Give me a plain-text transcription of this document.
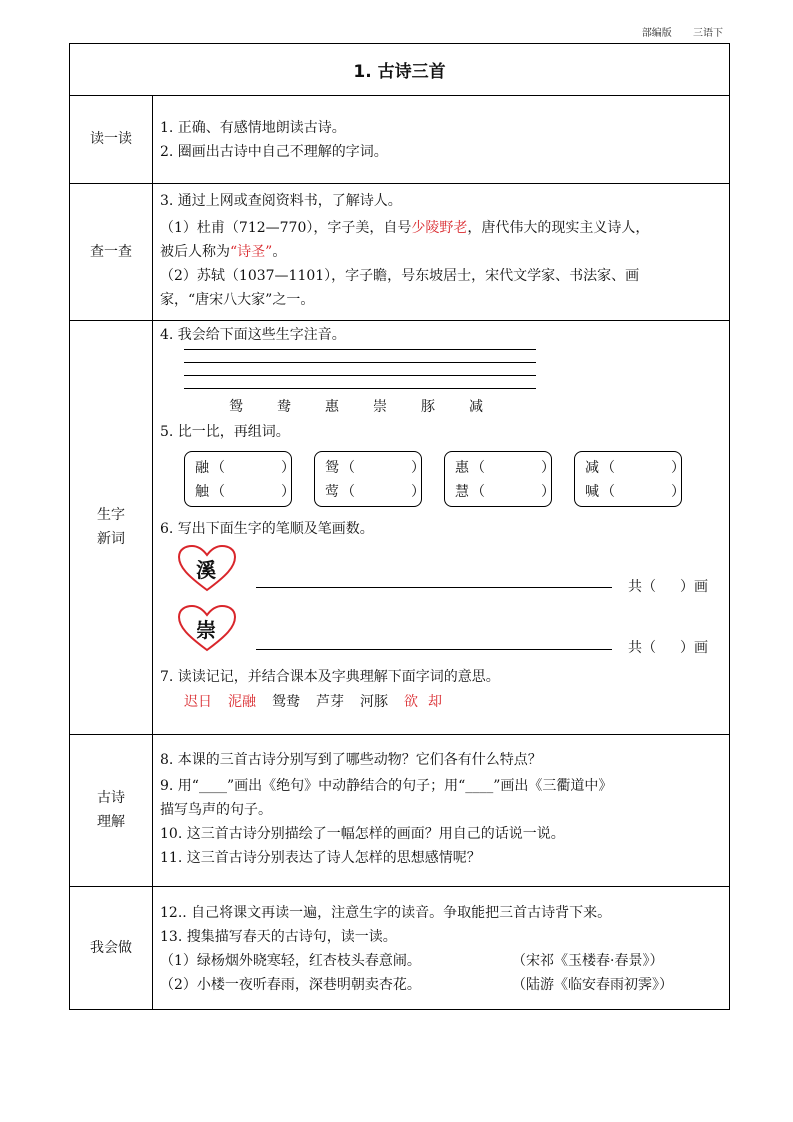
部编版 三语下
1. 古诗三首
读一读
1. 正确、有感情地朗读古诗。
2. 圈画出古诗中自己不理解的字词。
查一查
3. 通过上网或查阅资料书，了解诗人。
（1）杜甫（712—770），字子美，自号少陵野老，唐代伟大的现实主义诗人，
被后人称为“诗圣”。
（2）苏轼（1037—1101），字子瞻，号东坡居士，宋代文学家、书法家、画
家，“唐宋八大家”之一。
生字
新词
4. 我会给下面这些生字注音。
鸳 鸯 惠 崇 豚 减
5. 比一比，再组词。
融 （	）
触 （	）
鸳 （	）
莺 （	）
惠 （	）
慧 （	）
减 （	）
喊 （	）
6. 写出下面生字的笔顺及笔画数。
溪
共（ ）画
崇
共（ ）画
7. 读读记记，并结合课本及字典理解下面字词的意思。
迟日 泥融 鸳鸯 芦芽 河豚 欲 却
古诗
理解
8. 本课的三首古诗分别写到了哪些动物？它们各有什么特点？
9. 用“____”画出《绝句》中动静结合的句子；用“____”画出《三衢道中》
描写鸟声的句子。
10. 这三首古诗分别描绘了一幅怎样的画面？用自己的话说一说。
11. 这三首古诗分别表达了诗人怎样的思想感情呢？
我会做
12.. 自己将课文再读一遍，注意生字的读音。争取能把三首古诗背下来。
13. 搜集描写春天的古诗句，读一读。
（1）绿杨烟外晓寒轻，红杏枝头春意闹。	（宋祁《玉楼春·春景》）
（2）小楼一夜听春雨，深巷明朝卖杏花。	（陆游《临安春雨初霁》）
